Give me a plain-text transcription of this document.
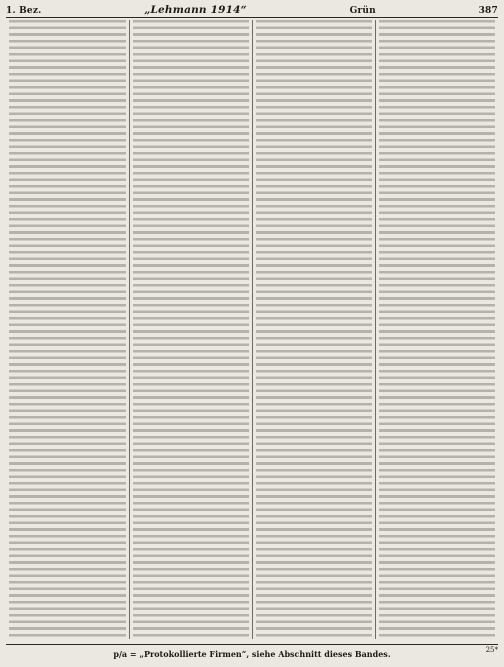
1. Bez.	„Lehmann 1914“	Grün	387
p/a = „Protokollierte Firmen“, siehe Abschnitt dieses Bandes.	25*
